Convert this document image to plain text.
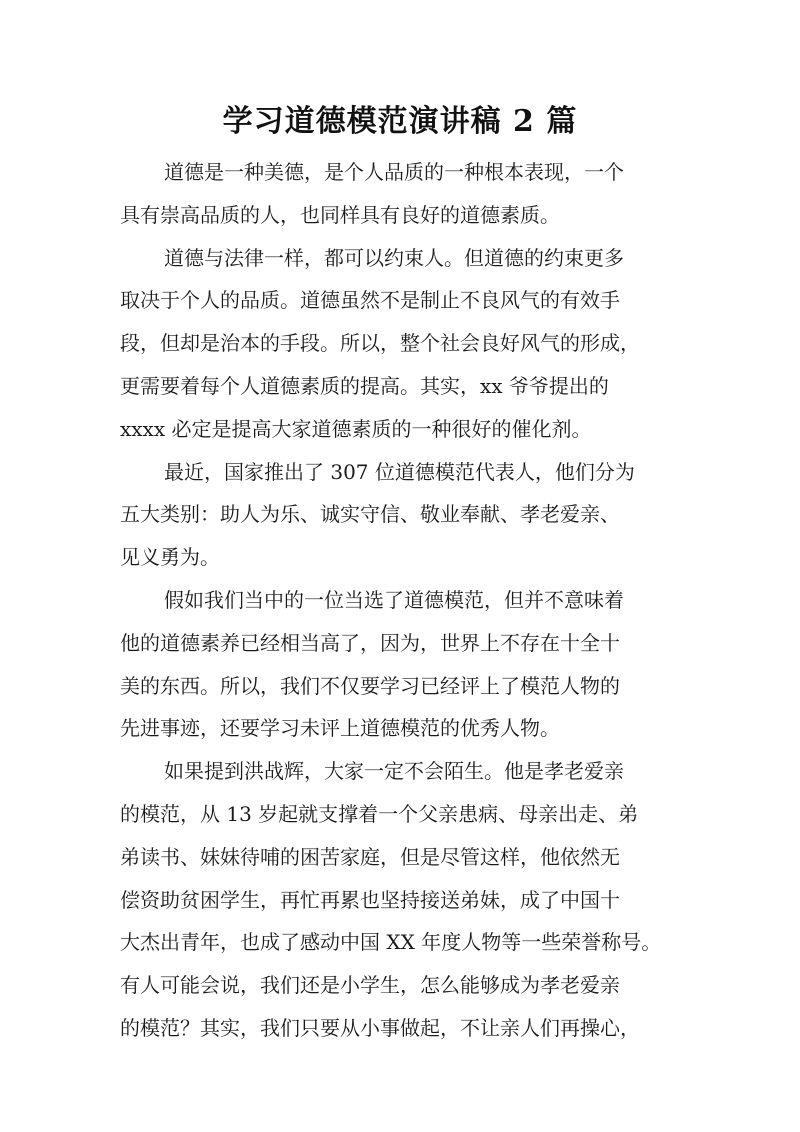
学习道德模范演讲稿 2 篇
道德是一种美德，是个人品质的一种根本表现，一个
具有崇高品质的人，也同样具有良好的道德素质。
道德与法律一样，都可以约束人。但道德的约束更多
取决于个人的品质。道德虽然不是制止不良风气的有效手
段，但却是治本的手段。所以，整个社会良好风气的形成，
更需要着每个人道德素质的提高。其实，xx 爷爷提出的
xxxx 必定是提高大家道德素质的一种很好的催化剂。
最近，国家推出了 307 位道德模范代表人，他们分为
五大类别：助人为乐、诚实守信、敬业奉献、孝老爱亲、
见义勇为。
假如我们当中的一位当选了道德模范，但并不意味着
他的道德素养已经相当高了，因为，世界上不存在十全十
美的东西。所以，我们不仅要学习已经评上了模范人物的
先进事迹，还要学习未评上道德模范的优秀人物。
如果提到洪战辉，大家一定不会陌生。他是孝老爱亲
的模范，从 13 岁起就支撑着一个父亲患病、母亲出走、弟
弟读书、妹妹待哺的困苦家庭，但是尽管这样，他依然无
偿资助贫困学生，再忙再累也坚持接送弟妹，成了中国十
大杰出青年，也成了感动中国 XX 年度人物等一些荣誉称号。
有人可能会说，我们还是小学生，怎么能够成为孝老爱亲
的模范？其实，我们只要从小事做起，不让亲人们再操心，
